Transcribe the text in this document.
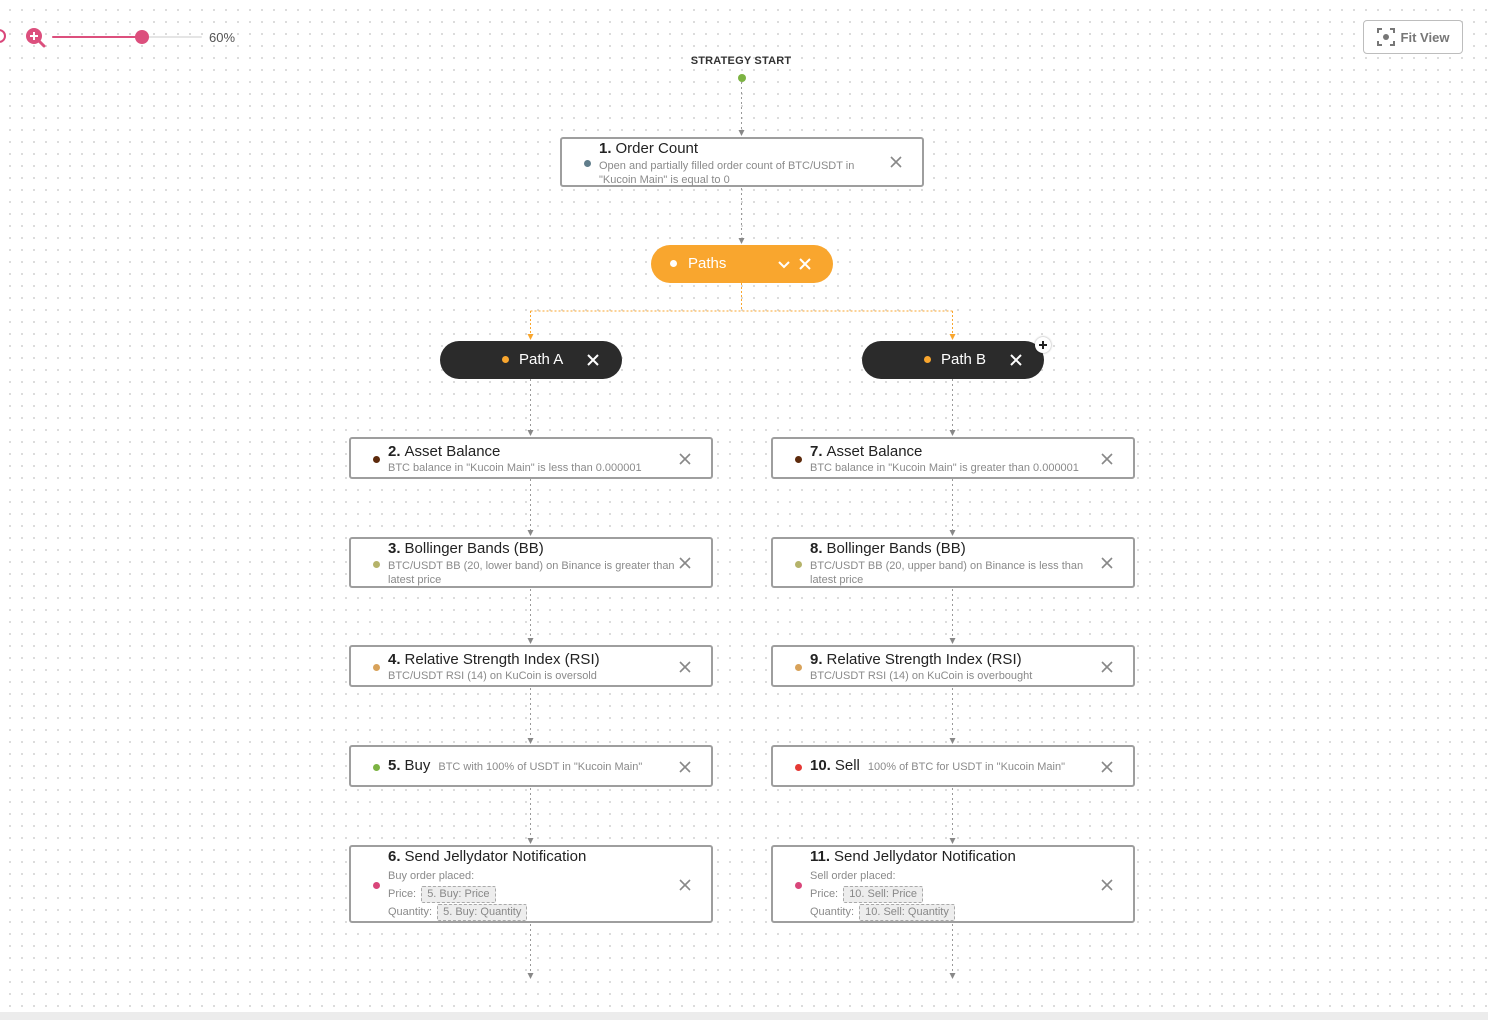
60%	Fit View
STRATEGY START
1. Order Count
Open and partially filled order count of BTC/USDT in
"Kucoin Main" is equal to 0
Paths
Path A	Path B
2. Asset Balance
BTC balance in "Kucoin Main" is less than 0.000001
3. Bollinger Bands (BB)
BTC/USDT BB (20, lower band) on Binance is greater than
latest price
4. Relative Strength Index (RSI)
BTC/USDT RSI (14) on KuCoin is oversold
5. Buy BTC with 100% of USDT in "Kucoin Main"
6. Send Jellydator Notification
Buy order placed:
Price: 5. Buy: Price
Quantity: 5. Buy: Quantity
7. Asset Balance
BTC balance in "Kucoin Main" is greater than 0.000001
8. Bollinger Bands (BB)
BTC/USDT BB (20, upper band) on Binance is less than
latest price
9. Relative Strength Index (RSI)
BTC/USDT RSI (14) on KuCoin is overbought
10. Sell 100% of BTC for USDT in "Kucoin Main"
11. Send Jellydator Notification
Sell order placed:
Price: 10. Sell: Price
Quantity: 10. Sell: Quantity
